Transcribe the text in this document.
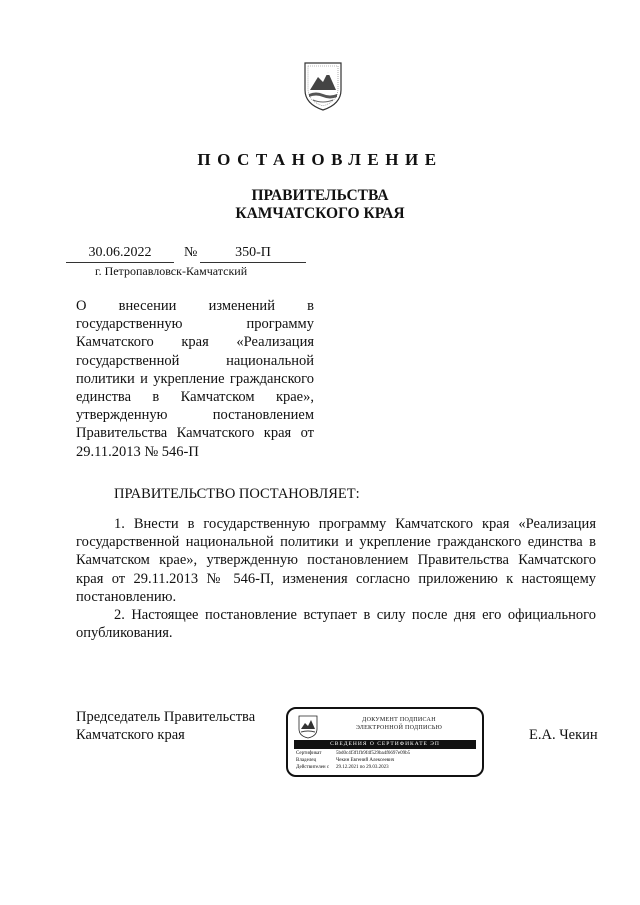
ПОСТАНОВЛЕНИЕ
ПРАВИТЕЛЬСТВА
КАМЧАТСКОГО КРАЯ
30.06.2022	№	350-П
г. Петропавловск-Камчатский
О внесении изменений в государственную программу Камчатского края «Реализация государственной национальной политики и укрепление гражданского единства в Камчатском крае», утвержденную постановлением Правительства Камчатского края от 29.11.2013 № 546-П
ПРАВИТЕЛЬСТВО ПОСТАНОВЛЯЕТ:

1. Внести в государственную программу Камчатского края «Реализация государственной национальной политики и укрепление гражданского единства в Камчатском крае», утвержденную постановлением Правительства Камчатского края от 29.11.2013 № 546-П, изменения согласно приложению к настоящему постановлению.

2. Настоящее постановление вступает в силу после дня его официального опубликования.

Председатель Правительства
Камчатского края
ДОКУМЕНТ ПОДПИСАН
ЭЛЕКТРОННОЙ ПОДПИСЬЮ
СВЕДЕНИЯ О СЕРТИФИКАТЕ ЭП
Сертификат	5bd0c4f3f1fb9f4f529ba4f6697e09b5
Владелец	Чекин Евгений Алексеевич
Действителен с 29.12.2021 по 29.03.2023
Е.А. Чекин
